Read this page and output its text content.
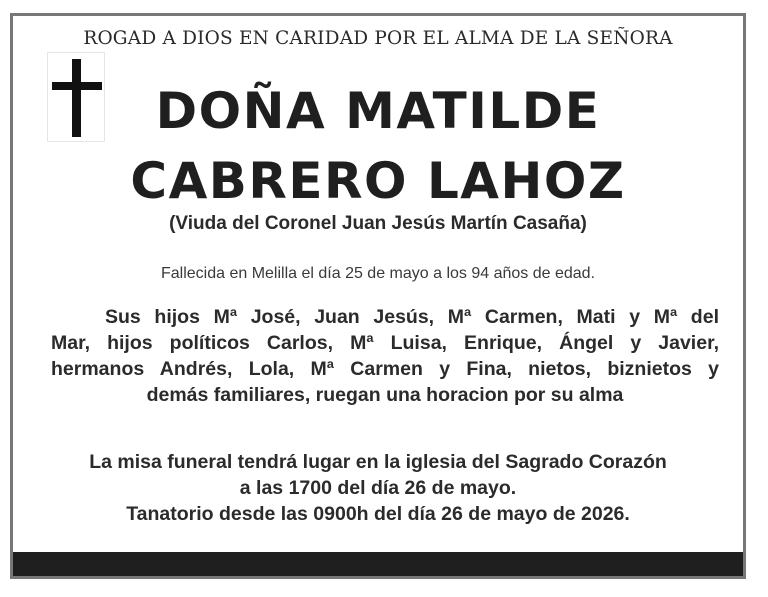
ROGAD A DIOS EN CARIDAD POR EL ALMA DE LA SEÑORA
DOÑA MATILDE
CABRERO LAHOZ
(Viuda del Coronel Juan Jesús Martín Casaña)
Fallecida en Melilla el día 25 de mayo a los 94 años de edad.

Sus hijos Mª José, Juan Jesús, Mª Carmen, Mati y Mª del

Mar, hijos políticos Carlos, Mª Luisa, Enrique, Ángel y Javier,

hermanos Andrés, Lola, Mª Carmen y Fina, nietos, biznietos y

demás familiares, ruegan una horacion por su alma

La misa funeral tendrá lugar en la iglesia del Sagrado Corazón

a las 1700 del día 26 de mayo.

Tanatorio desde las 0900h del día 26 de mayo de 2026.
